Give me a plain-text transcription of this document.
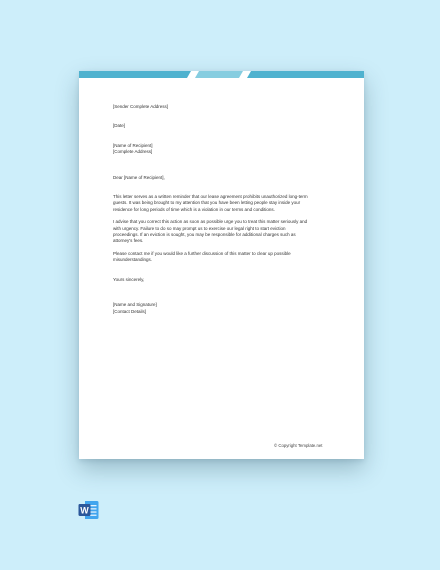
[Sender Complete Address]
[Date]
[Name of Recipient]
[Complete Address]
Dear [Name of Recipient],
This letter serves as a written reminder that our lease agreement prohibits unauthorized long-term
guests. It was being brought to my attention that you have been letting people stay inside your
residence for long periods of time which is a violation in our terms and conditions.
I advise that you correct this action as soon as possible urge you to treat this matter seriously and
with urgency. Failure to do so may prompt us to exercise our legal right to start eviction
proceedings. If an eviction is sought, you may be responsible for additional charges such as
attorney's fees.
Please contact me if you would like a further discussion of this matter to clear up possible
misunderstandings.
Yours sincerely,
[Name and Signature]
[Contact Details]
© Copyright Template.net
W
